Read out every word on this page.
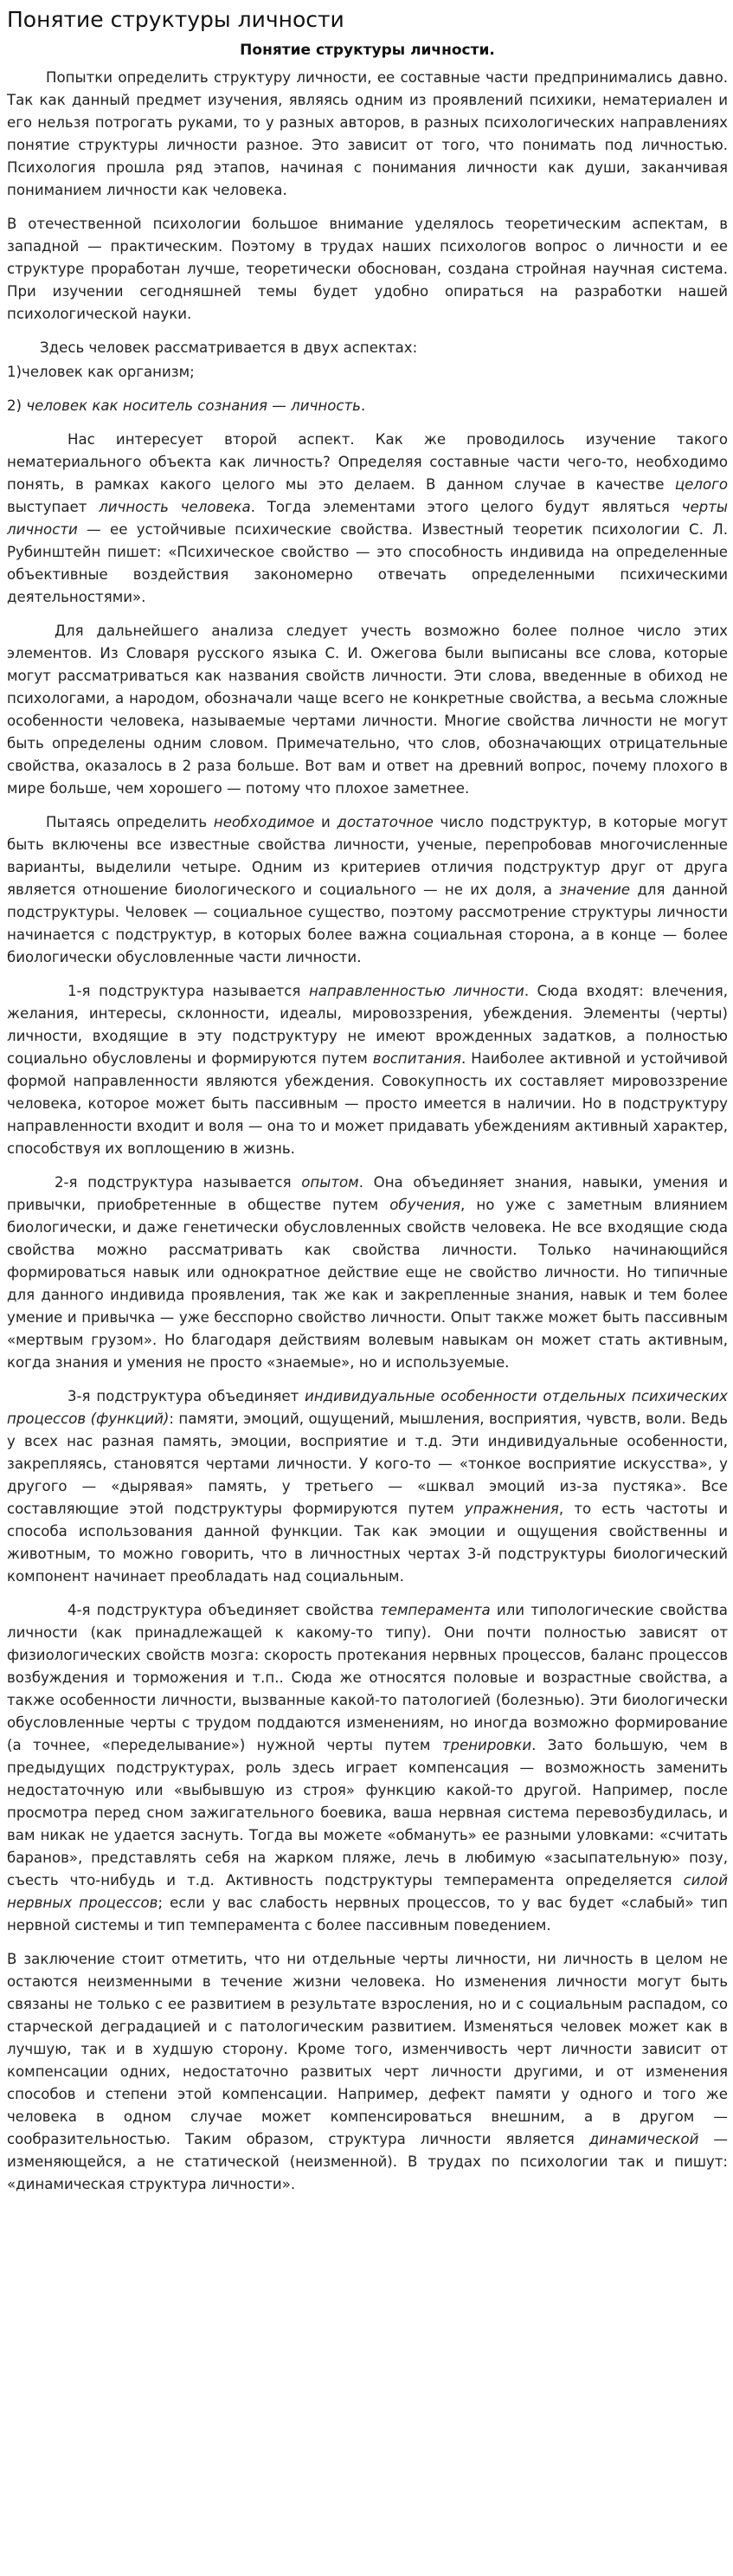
Понятие структуры личности
Понятие структуры личности.

Попытки определить структуру личности, ее составные части предпринимались давно. Так как данный предмет изучения, являясь одним из проявлений психики, нематериален и его нельзя потрогать руками, то у разных авторов, в разных психологических направлениях понятие структуры личности разное. Это зависит от того, что понимать под личностью. Психология прошла ряд этапов, начиная с понимания личности как души, заканчивая пониманием личности как человека.

В отечественной психологии большое внимание уделялось теоретическим аспектам, в западной — практическим. Поэтому в трудах наших психологов вопрос о личности и ее структуре проработан лучше, теоретически обоснован, создана стройная научная система. При изучении сегодняшней темы будет удобно опираться на разработки нашей психологической науки.

Здесь человек рассматривается в двух аспектах:

1)человек как организм;

2) человек как носитель сознания — личность.

Нас интересует второй аспект. Как же проводилось изучение такого нематериального объекта как личность? Определяя составные части чего-то, необходимо понять, в рамках какого целого мы это делаем. В данном случае в качестве целого выступает личность человека. Тогда элементами этого целого будут являться черты личности — ее устойчивые психические свойства. Известный теоретик психологии С. Л. Рубинштейн пишет: «Психическое свойство — это способность индивида на определенные объективные воздействия закономерно отвечать определенными психическими деятельностями».

Для дальнейшего анализа следует учесть возможно более полное число этих элементов. Из Словаря русского языка С. И. Ожегова были выписаны все слова, которые могут рассматриваться как названия свойств личности. Эти слова, введенные в обиход не психологами, а народом, обозначали чаще всего не конкретные свойства, а весьма сложные особенности человека, называемые чертами личности. Многие свойства личности не могут быть определены одним словом. Примечательно, что слов, обозначающих отрицательные свойства, оказалось в 2 раза больше. Вот вам и ответ на древний вопрос, почему плохого в мире больше, чем хорошего — потому что плохое заметнее.

Пытаясь определить необходимое и достаточное число подструктур, в которые могут быть включены все известные свойства личности, ученые, перепробовав многочисленные варианты, выделили четыре. Одним из критериев отличия подструктур друг от друга является отношение биологического и социального — не их доля, а значение для данной подструктуры. Человек — социальное существо, поэтому рассмотрение структуры личности начинается с подструктур, в которых более важна социальная сторона, а в конце — более биологически обусловленные части личности.

1-я подструктура называется направленностью личности. Сюда входят: влечения, желания, интересы, склонности, идеалы, мировоззрения, убеждения. Элементы (черты) личности, входящие в эту подструктуру не имеют врожденных задатков, а полностью социально обусловлены и формируются путем воспитания. Наиболее активной и устойчивой формой направленности являются убеждения. Совокупность их составляет мировоззрение человека, которое может быть пассивным — просто имеется в наличии. Но в подструктуру направленности входит и воля — она то и может придавать убеждениям активный характер, способствуя их воплощению в жизнь.

2-я подструктура называется опытом. Она объединяет знания, навыки, умения и привычки, приобретенные в обществе путем обучения, но уже с заметным влиянием биологически, и даже генетически обусловленных свойств человека. Не все входящие сюда свойства можно рассматривать как свойства личности. Только начинающийся формироваться навык или однократное действие еще не свойство личности. Но типичные для данного индивида проявления, так же как и закрепленные знания, навык и тем более умение и привычка — уже бесспорно свойство личности. Опыт также может быть пассивным «мертвым грузом». Но благодаря действиям волевым навыкам он может стать активным, когда знания и умения не просто «знаемые», но и используемые.

3-я подструктура объединяет индивидуальные особенности отдельных психических процессов (функций): памяти, эмоций, ощущений, мышления, восприятия, чувств, воли. Ведь у всех нас разная память, эмоции, восприятие и т.д. Эти индивидуальные особенности, закрепляясь, становятся чертами личности. У кого-то — «тонкое восприятие искусства», у другого — «дырявая» память, у третьего — «шквал эмоций из-за пустяка». Все составляющие этой подструктуры формируются путем упражнения, то есть частоты и способа использования данной функции. Так как эмоции и ощущения свойственны и животным, то можно говорить, что в личностных чертах 3-й подструктуры биологический компонент начинает преобладать над социальным.

4-я подструктура объединяет свойства темперамента или типологические свойства личности (как принадлежащей к какому-то типу). Они почти полностью зависят от физиологических свойств мозга: скорость протекания нервных процессов, баланс процессов возбуждения и торможения и т.п.. Сюда же относятся половые и возрастные свойства, а также особенности личности, вызванные какой-то патологией (болезнью). Эти биологически обусловленные черты с трудом поддаются изменениям, но иногда возможно формирование (а точнее, «переделывание») нужной черты путем тренировки. Зато большую, чем в предыдущих подструктурах, роль здесь играет компенсация — возможность заменить недостаточную или «выбывшую из строя» функцию какой-то другой. Например, после просмотра перед сном зажигательного боевика, ваша нервная система перевозбудилась, и вам никак не удается заснуть. Тогда вы можете «обмануть» ее разными уловками: «считать баранов», представлять себя на жарком пляже, лечь в любимую «засыпательную» позу, съесть что-нибудь и т.д. Активность подструктуры темперамента определяется силой нервных процессов; если у вас слабость нервных процессов, то у вас будет «слабый» тип нервной системы и тип темперамента с более пассивным поведением.

В заключение стоит отметить, что ни отдельные черты личности, ни личность в целом не остаются неизменными в течение жизни человека. Но изменения личности могут быть связаны не только с ее развитием в результате взросления, но и с социальным распадом, со старческой деградацией и с патологическим развитием. Изменяться человек может как в лучшую, так и в худшую сторону. Кроме того, изменчивость черт личности зависит от компенсации одних, недостаточно развитых черт личности другими, и от изменения способов и степени этой компенсации. Например, дефект памяти у одного и того же человека в одном случае может компенсироваться внешним, а в другом — сообразительностью. Таким образом, структура личности является динамической — изменяющейся, а не статической (неизменной). В трудах по психологии так и пишут: «динамическая структура личности».
